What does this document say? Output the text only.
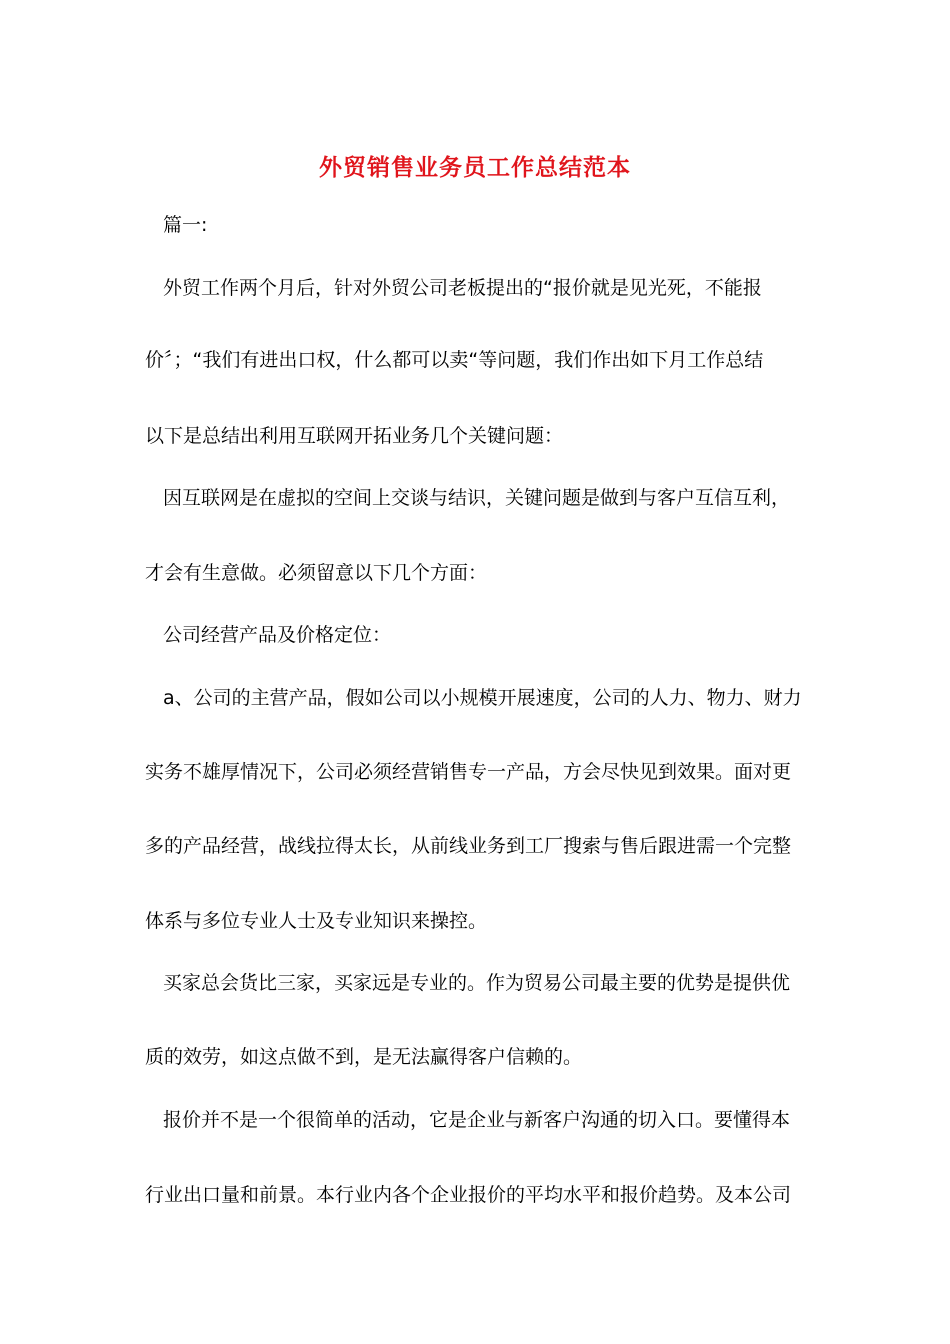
外贸销售业务员工作总结范本
篇一:
外贸工作两个月后，针对外贸公司老板提出的“报价就是见光死，不能报
价〞；“我们有进出口权，什么都可以卖“等问题，我们作出如下月工作总结
以下是总结出利用互联网开拓业务几个关键问题：
因互联网是在虚拟的空间上交谈与结识，关键问题是做到与客户互信互利，
才会有生意做。必须留意以下几个方面：
公司经营产品及价格定位：
a、公司的主营产品，假如公司以小规模开展速度，公司的人力、物力、财力
实务不雄厚情况下，公司必须经营销售专一产品，方会尽快见到效果。面对更
多的产品经营，战线拉得太长，从前线业务到工厂搜索与售后跟进需一个完整
体系与多位专业人士及专业知识来操控。
买家总会货比三家，买家远是专业的。作为贸易公司最主要的优势是提供优
质的效劳，如这点做不到，是无法赢得客户信赖的。
报价并不是一个很简单的活动，它是企业与新客户沟通的切入口。要懂得本
行业出口量和前景。本行业内各个企业报价的平均水平和报价趋势。及本公司
